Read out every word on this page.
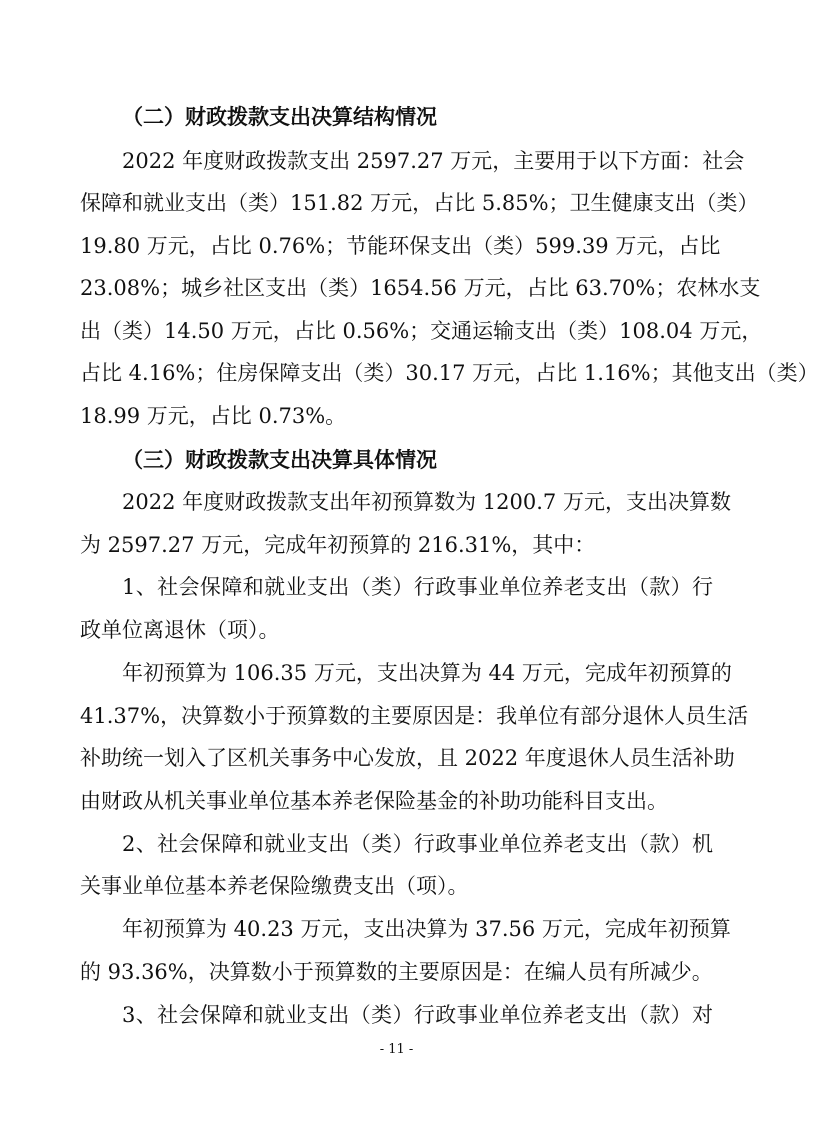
（二）财政拨款支出决算结构情况
2022 年度财政拨款支出 2597.27 万元，主要用于以下方面：社会
保障和就业支出（类）151.82 万元，占比 5.85%；卫生健康支出（类）
19.80 万元，占比 0.76%；节能环保支出（类）599.39 万元，占比
23.08%；城乡社区支出（类）1654.56 万元，占比 63.70%；农林水支
出（类）14.50 万元，占比 0.56%；交通运输支出（类）108.04 万元，
占比 4.16%；住房保障支出（类）30.17 万元，占比 1.16%；其他支出（类）
18.99 万元，占比 0.73%。
（三）财政拨款支出决算具体情况
2022 年度财政拨款支出年初预算数为 1200.7 万元，支出决算数
为 2597.27 万元，完成年初预算的 216.31%，其中：
1、社会保障和就业支出（类）行政事业单位养老支出（款）行
政单位离退休（项）。
年初预算为 106.35 万元，支出决算为 44 万元，完成年初预算的
41.37%，决算数小于预算数的主要原因是：我单位有部分退休人员生活
补助统一划入了区机关事务中心发放，且 2022 年度退休人员生活补助
由财政从机关事业单位基本养老保险基金的补助功能科目支出。
2、社会保障和就业支出（类）行政事业单位养老支出（款）机
关事业单位基本养老保险缴费支出（项）。
年初预算为 40.23 万元，支出决算为 37.56 万元，完成年初预算
的 93.36%，决算数小于预算数的主要原因是：在编人员有所减少。
3、社会保障和就业支出（类）行政事业单位养老支出（款）对
- 11 -
